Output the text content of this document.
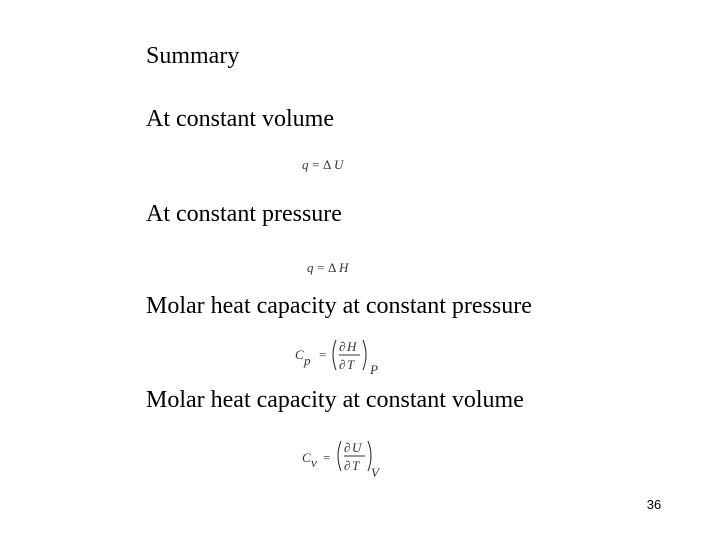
Summary
At constant volume
q = Δ U
At constant pressure
q = Δ H
Molar heat capacity at constant pressure
C p =
∂ H
∂ T P
Molar heat capacity at constant volume
C v =
∂ U
∂ T V
36
